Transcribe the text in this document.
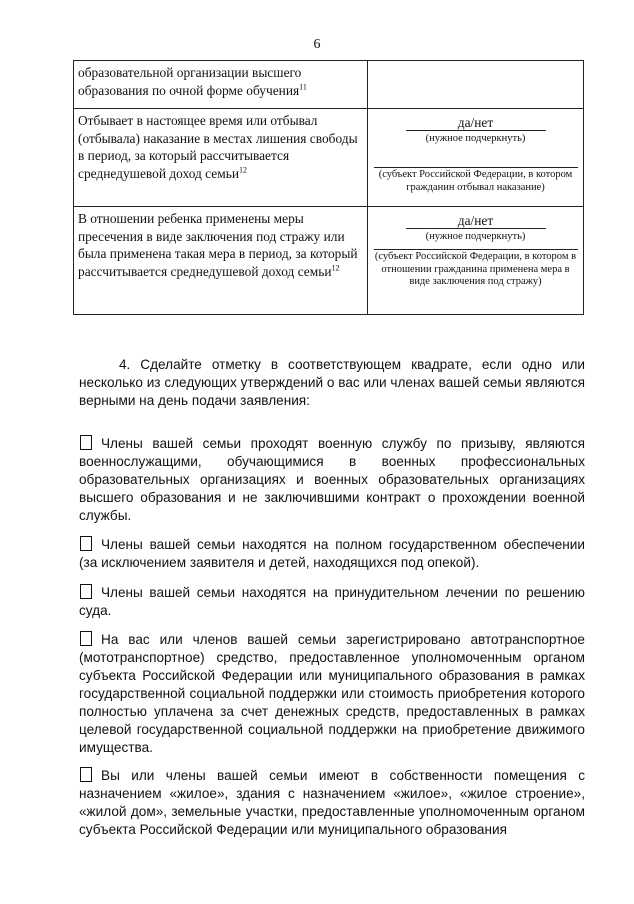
6
образовательной организации высшего образования по очной форме обучения$^{11}$

Отбывает в настоящее время или отбывал (отбывала) наказание в местах лишения свободы в период, за который рассчитывается среднедушевой доход семьи$^{12}$	да/нет
(нужное подчеркнуть)
(субъект Российской Федерации, в котором гражданин отбывал наказание)

В отношении ребенка применены меры пресечения в виде заключения под стражу или была применена такая мера в период, за который рассчитывается среднедушевой доход семьи$^{12}$	да/нет
(нужное подчеркнуть)
(субъект Российской Федерации, в котором в отношении гражданина применена мера в виде заключения под стражу)

4. Сделайте отметку в соответствующем квадрате, если одно или несколько из следующих утверждений о вас или членах вашей семьи являются верными на день подачи заявления:

Члены вашей семьи проходят военную службу по призыву, являются военнослужащими, обучающимися в военных профессиональных образовательных организациях и военных образовательных организациях высшего образования и не заключившими контракт о прохождении военной службы.

Члены вашей семьи находятся на полном государственном обеспечении (за исключением заявителя и детей, находящихся под опекой).

Члены вашей семьи находятся на принудительном лечении по решению суда.

На вас или членов вашей семьи зарегистрировано автотранспортное (мототранспортное) средство, предоставленное уполномоченным органом субъекта Российской Федерации или муниципального образования в рамках государственной социальной поддержки или стоимость приобретения которого полностью уплачена за счет денежных средств, предоставленных в рамках целевой государственной социальной поддержки на приобретение движимого имущества.

Вы или члены вашей семьи имеют в собственности помещения с назначением «жилое», здания с назначением «жилое», «жилое строение», «жилой дом», земельные участки, предоставленные уполномоченным органом субъекта Российской Федерации или муниципального образования
